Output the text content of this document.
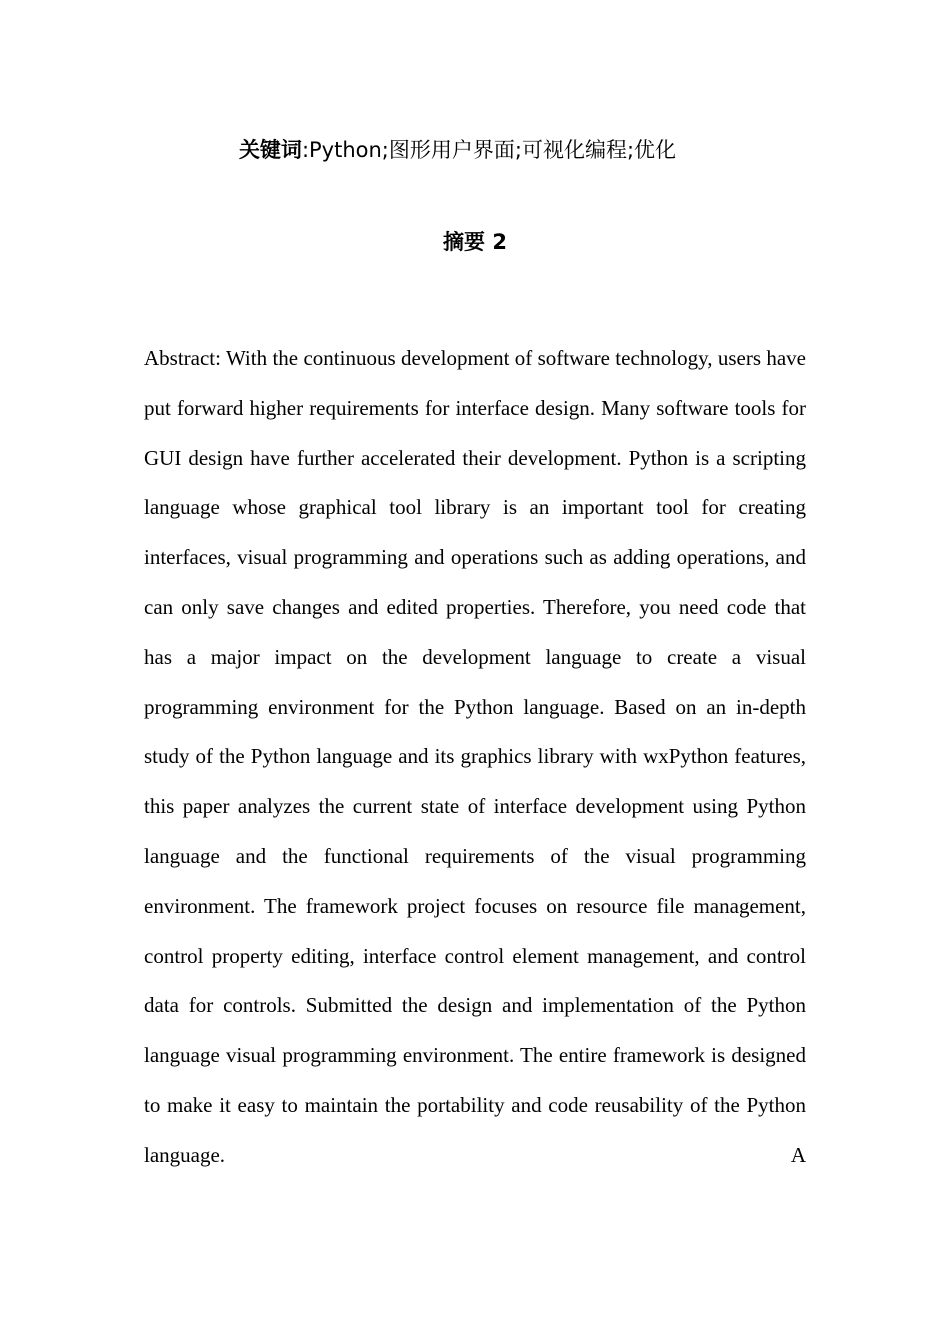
关键词:Python;图形用户界面;可视化编程;优化
摘要 2

Abstract: With the continuous development of software technology, users have put forward higher requirements for interface design. Many software tools for GUI design have further accelerated their development. Python is a scripting language whose graphical tool library is an important tool for creating interfaces, visual programming and operations such as adding operations, and can only save changes and edited properties. Therefore, you need code that has a major impact on the development language to create a visual programming environment for the Python language. Based on an in-depth study of the Python language and its graphics library with wxPython features, this paper analyzes the current state of interface development using Python language and the functional requirements of the visual programming environment. The framework project focuses on resource file management, control property editing, interface control element management, and control data for controls. Submitted the design and implementation of the Python language visual programming environment. The entire framework is designed to make it easy to maintain the portability and code reusability of the Python language. A
